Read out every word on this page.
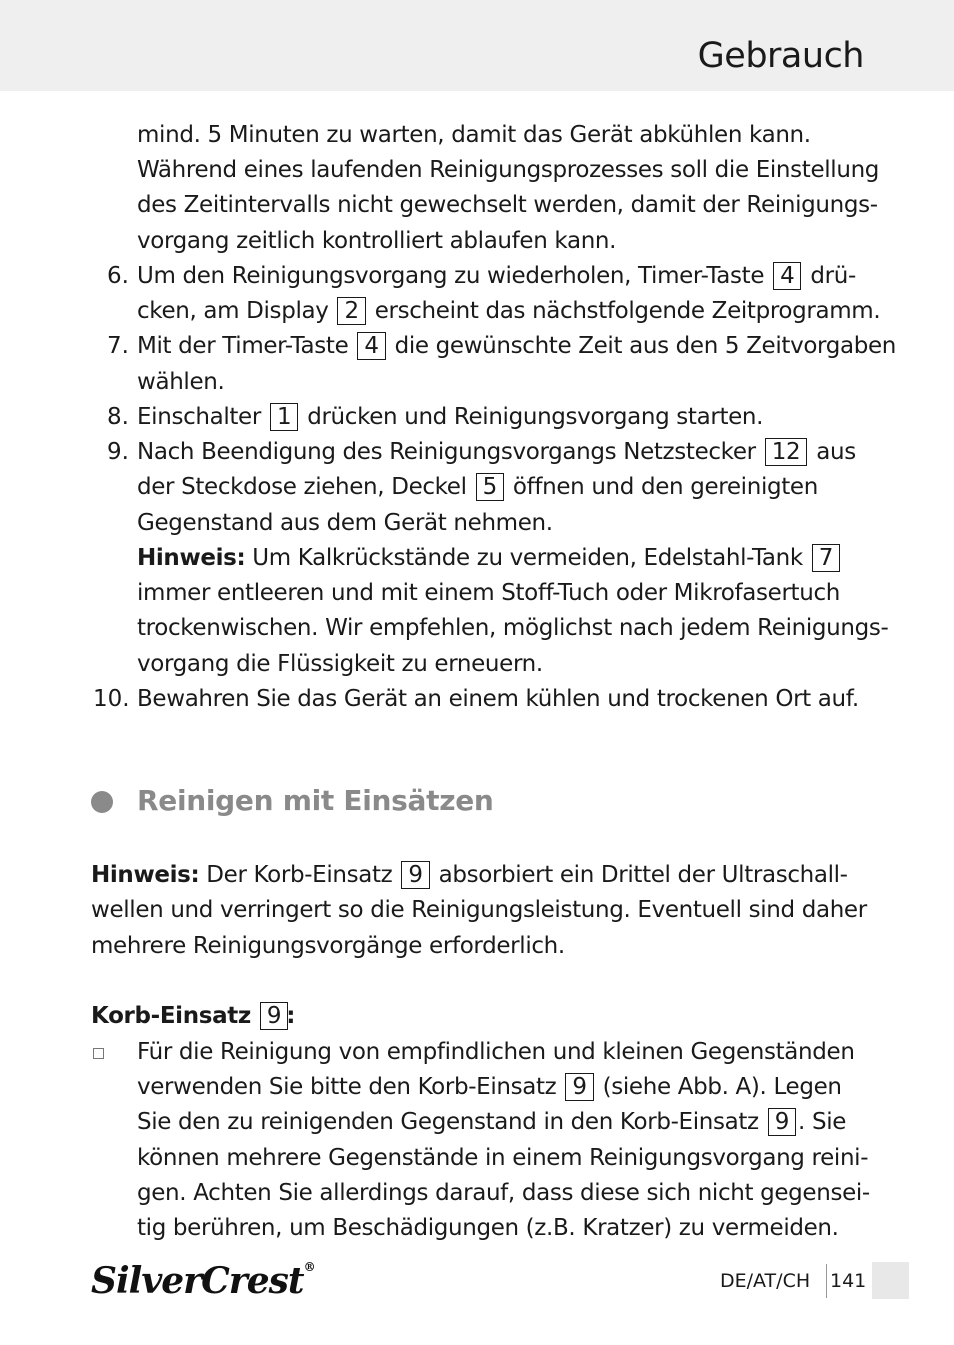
Gebrauch
mind. 5 Minuten zu warten, damit das Gerät abkühlen kann.
Während eines laufenden Reinigungsprozesses soll die Einstellung
des Zeitintervalls nicht gewechselt werden, damit der Reinigungs-
vorgang zeitlich kontrolliert ablaufen kann.
6. Um den Reinigungsvorgang zu wiederholen, Timer-Taste 4 drü-
cken, am Display 2 erscheint das nächstfolgende Zeitprogramm.
7. Mit der Timer-Taste 4 die gewünschte Zeit aus den 5 Zeitvorgaben
wählen.
8. Einschalter 1 drücken und Reinigungsvorgang starten.
9. Nach Beendigung des Reinigungsvorgangs Netzstecker 12 aus
der Steckdose ziehen, Deckel 5 öffnen und den gereinigten
Gegenstand aus dem Gerät nehmen.
Hinweis: Um Kalkrückstände zu vermeiden, Edelstahl-Tank 7
immer entleeren und mit einem Stoff-Tuch oder Mikrofasertuch
trockenwischen. Wir empfehlen, möglichst nach jedem Reinigungs-
vorgang die Flüssigkeit zu erneuern.
10. Bewahren Sie das Gerät an einem kühlen und trockenen Ort auf.
Reinigen mit Einsätzen
Hinweis: Der Korb-Einsatz 9 absorbiert ein Drittel der Ultraschall-
wellen und verringert so die Reinigungsleistung. Eventuell sind daher
mehrere Reinigungsvorgänge erforderlich.
Korb-Einsatz 9 :
Für die Reinigung von empfindlichen und kleinen Gegenständen
verwenden Sie bitte den Korb-Einsatz 9 (siehe Abb. A). Legen
Sie den zu reinigenden Gegenstand in den Korb-Einsatz 9 . Sie
können mehrere Gegenstände in einem Reinigungsvorgang reini-
gen. Achten Sie allerdings darauf, dass diese sich nicht gegensei-
tig berühren, um Beschädigungen (z.B. Kratzer) zu vermeiden.
SilverCrest®
DE/AT/CH 141
